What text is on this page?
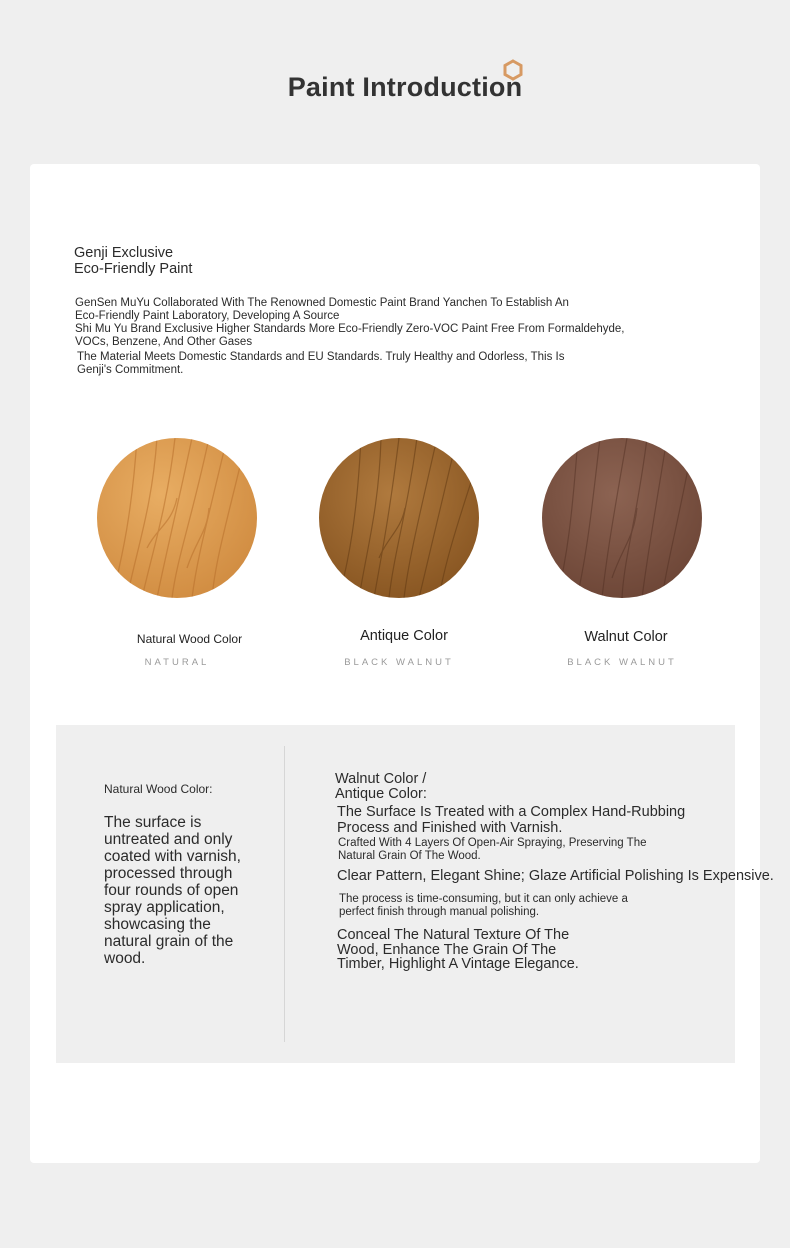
Paint Introduction
Genji Exclusive
Eco-Friendly Paint
GenSen MuYu Collaborated With The Renowned Domestic Paint Brand Yanchen To Establish An
Eco-Friendly Paint Laboratory, Developing A Source
Shi Mu Yu Brand Exclusive Higher Standards More Eco-Friendly Zero-VOC Paint Free From Formaldehyde,
VOCs, Benzene, And Other Gases
The Material Meets Domestic Standards and EU Standards. Truly Healthy and Odorless, This Is
Genji's Commitment.
Natural Wood Color
NATURAL
Antique Color
BLACK WALNUT
Walnut Color
BLACK WALNUT
Natural Wood Color:
The surface is untreated and only coated with varnish, processed through four rounds of open spray application, showcasing the natural grain of the wood.
Walnut Color /
Antique Color:
The Surface Is Treated with a Complex Hand-Rubbing
Process and Finished with Varnish.
Crafted With 4 Layers Of Open-Air Spraying, Preserving The
Natural Grain Of The Wood.
Clear Pattern, Elegant Shine; Glaze Artificial Polishing Is Expensive.
The process is time-consuming, but it can only achieve a
perfect finish through manual polishing.
Conceal The Natural Texture Of The
Wood, Enhance The Grain Of The
Timber, Highlight A Vintage Elegance.
